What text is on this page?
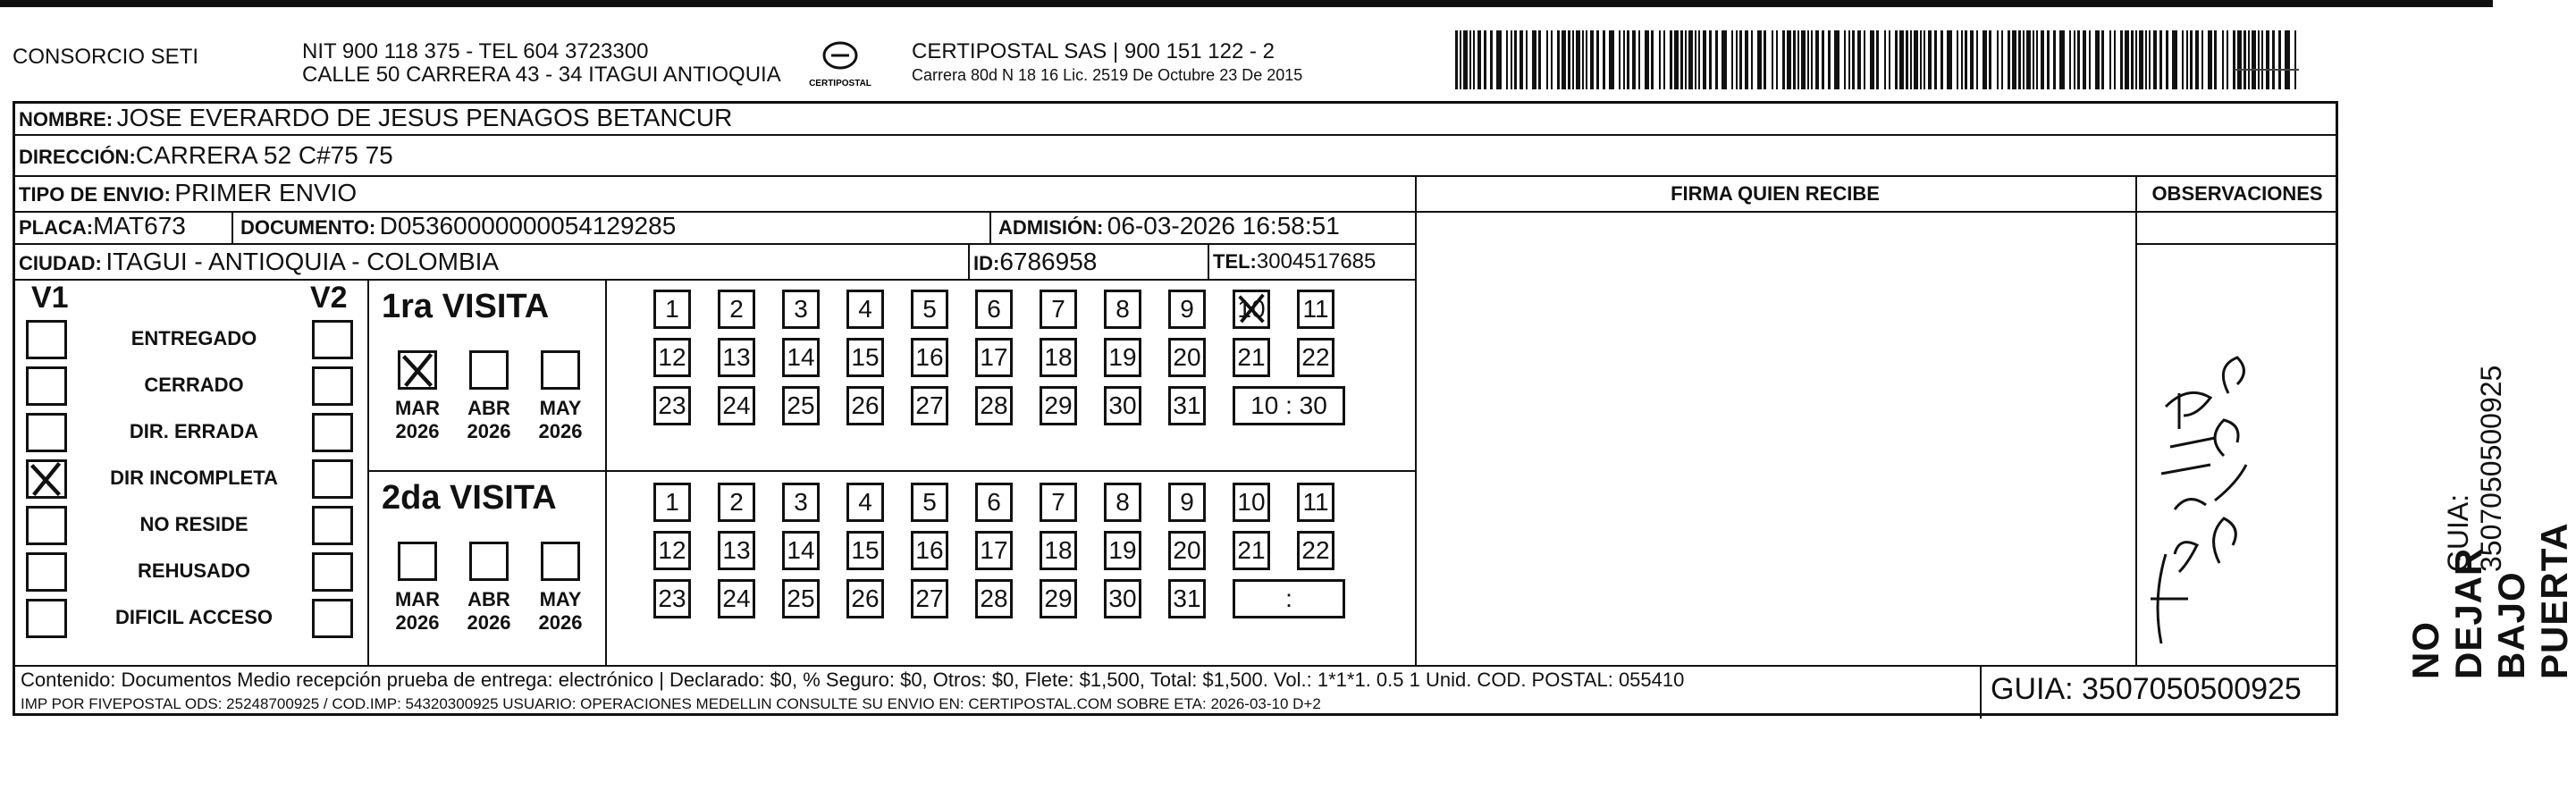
CONSORCIO SETI	NIT 900 118 375 - TEL 604 3723300
CALLE 50 CARRERA 43 - 34 ITAGUI ANTIOQUIA	CERTIPOSTAL
CERTIPOSTAL SAS | 900 151 122 - 2
Carrera 80d N 18 16 Lic. 2519 De Octubre 23 De 2015
NOMBRE: JOSE EVERARDO DE JESUS PENAGOS BETANCUR
DIRECCIÓN:CARRERA 52 C#75 75
TIPO DE ENVIO: PRIMER ENVIO	FIRMA QUIEN RECIBE	OBSERVACIONES
PLACA:MAT673	DOCUMENTO: D05360000000054129285	ADMISIÓN: 06-03-2026 16:58:51
CIUDAD: ITAGUI - ANTIOQUIA - COLOMBIA	ID:6786958	TEL:3004517685
V1	V2 1ra VISITA
2da VISITA
Contenido: Documentos Medio recepción prueba de entrega: electrónico | Declarado: $0, % Seguro: $0, Otros: $0, Flete: $1,500, Total: $1,500. Vol.: 1*1*1. 0.5 1 Unid. COD. POSTAL: 055410
IMP POR FIVEPOSTAL ODS: 25248700925 / COD.IMP: 54320300925 USUARIO: OPERACIONES MEDELLIN CONSULTE SU ENVIO EN: CERTIPOSTAL.COM SOBRE ETA: 2026-03-10 D+2	GUIA: 3507050500925
ENTREGADO
CERRADO
DIR. ERRADA
DIR INCOMPLETA
NO RESIDE
REHUSADO
DIFICIL ACCESO
MAR
2026
ABR
2026
MAY
2026
MAR
2026
ABR
2026
MAY
2026
1	2	3	4	5	6	7	8	9	10 11
12 13 14 15 16 17 18 19 20 21 22
23 24 25 26 27 28 29 30 31	10 : 30
1	2	3	4	5	6	7	8	9	10 11
12 13 14 15 16 17 18 19 20 21 22
23 24 25 26 27 28 29 30 31	:
NO DEJAR BAJO PUERTA
GUIA: 3507050500925
